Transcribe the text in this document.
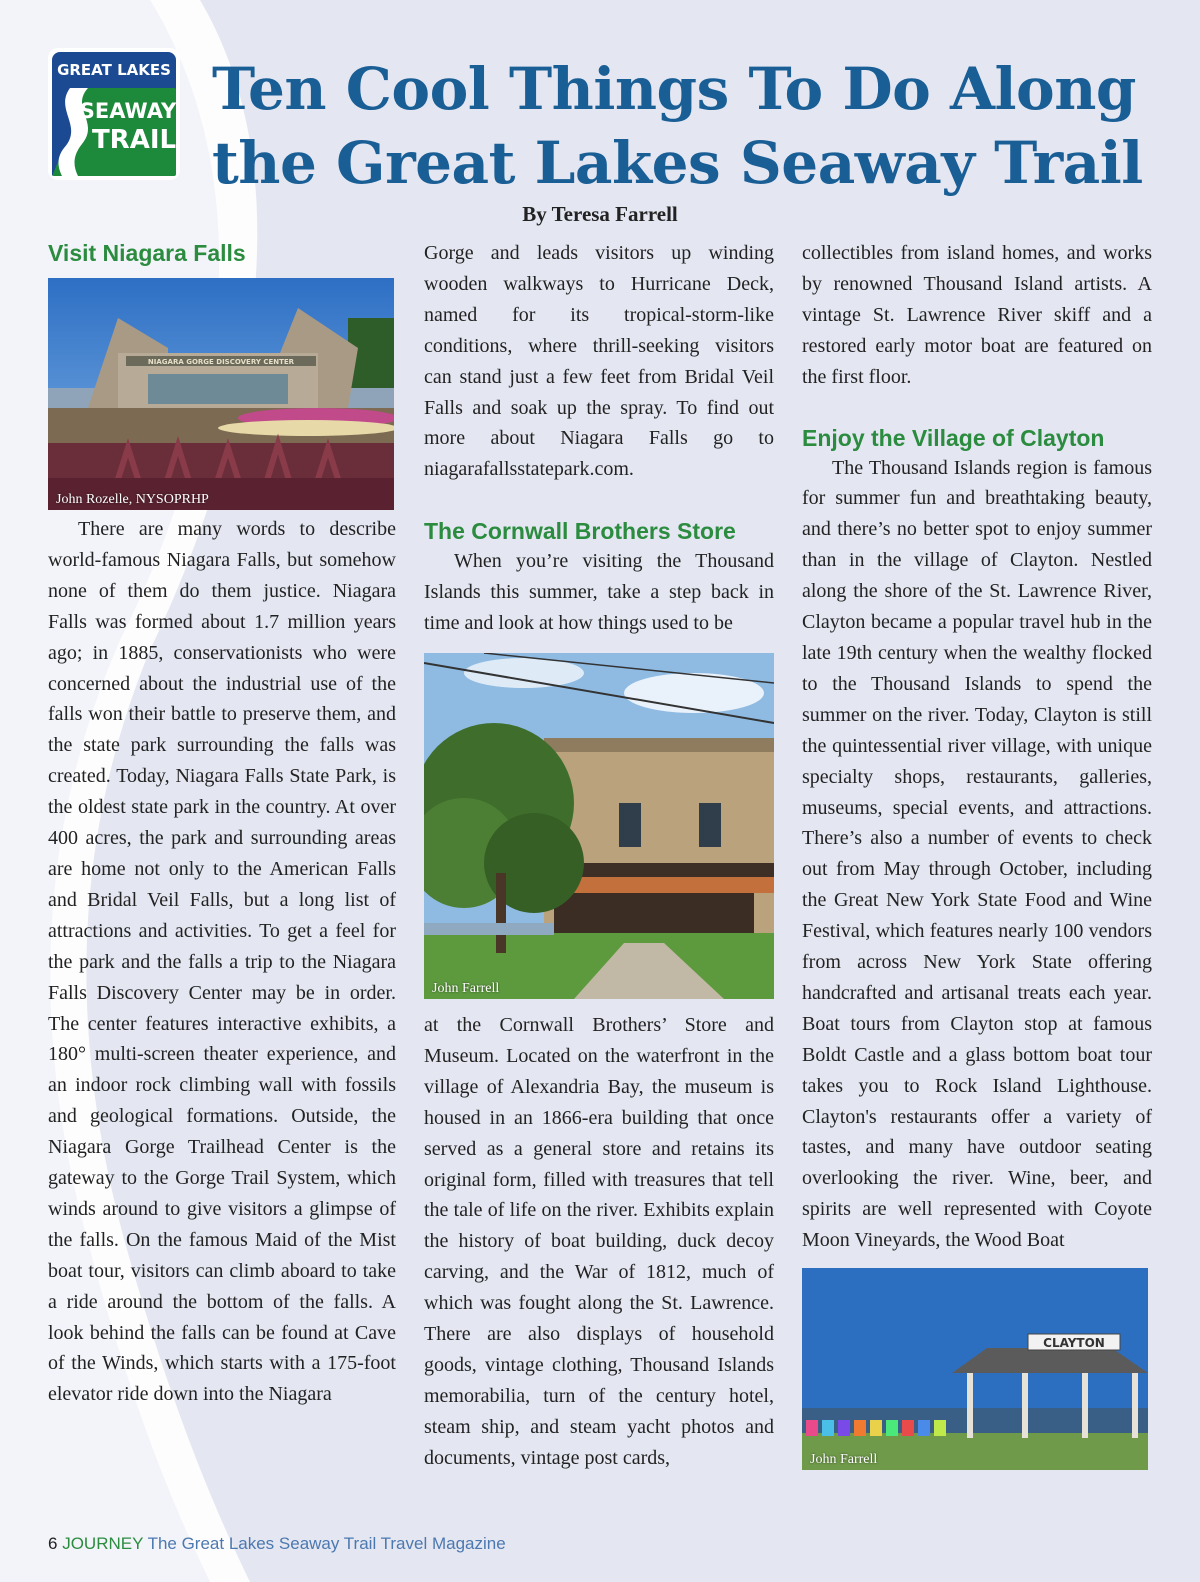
GREAT LAKES
SEAWAY
TRAIL
Ten Cool Things To Do Along
the Great Lakes Seaway Trail
By Teresa Farrell
Visit Niagara Falls
NIAGARA GORGE DISCOVERY CENTER
John Rozelle, NYSOPRHP

There are many words to describe world-famous Niagara Falls, but somehow none of them do them justice. Niagara Falls was formed about 1.7 million years ago; in 1885, conservationists who were concerned about the industrial use of the falls won their battle to preserve them, and the state park surrounding the falls was created. Today, Niagara Falls State Park, is the oldest state park in the country. At over 400 acres, the park and surrounding areas are home not only to the American Falls and Bridal Veil Falls, but a long list of attractions and activities. To get a feel for the park and the falls a trip to the Niagara Falls Discovery Center may be in order. The center features interactive exhibits, a 180° multi-screen theater experience, and an indoor rock climbing wall with fossils and geological formations. Outside, the Niagara Gorge Trailhead Center is the gateway to the Gorge Trail System, which winds around to give visitors a glimpse of the falls. On the famous Maid of the Mist boat tour, visitors can climb aboard to take a ride around the bottom of the falls. A look behind the falls can be found at Cave of the Winds, which starts with a 175-foot elevator ride down into the Niagara

Gorge and leads visitors up winding wooden walkways to Hurricane Deck, named for its tropical-storm-like conditions, where thrill-seeking visitors can stand just a few feet from Bridal Veil Falls and soak up the spray. To find out more about Niagara Falls go to niagarafallsstatepark.com.

The Cornwall Brothers Store

When you’re visiting the Thousand Islands this summer, take a step back in time and look at how things used to be

John Farrell

at the Cornwall Brothers’ Store and Museum. Located on the waterfront in the village of Alexandria Bay, the museum is housed in an 1866-era building that once served as a general store and retains its original form, filled with treasures that tell the tale of life on the river. Exhibits explain the history of boat building, duck decoy carving, and the War of 1812, much of which was fought along the St. Lawrence. There are also displays of household goods, vintage clothing, Thousand Islands memorabilia, turn of the century hotel, steam ship, and steam yacht photos and documents, vintage post cards,

collectibles from island homes, and works by renowned Thousand Island artists. A vintage St. Lawrence River skiff and a restored early motor boat are featured on the first floor.

Enjoy the Village of Clayton

The Thousand Islands region is famous for summer fun and breathtaking beauty, and there’s no better spot to enjoy summer than in the village of Clayton. Nestled along the shore of the St. Lawrence River, Clayton became a popular travel hub in the late 19th century when the wealthy flocked to the Thousand Islands to spend the summer on the river. Today, Clayton is still the quintessential river village, with unique specialty shops, restaurants, galleries, museums, special events, and attractions. There’s also a number of events to check out from May through October, including the Great New York State Food and Wine Festival, which features nearly 100 vendors from across New York State offering handcrafted and artisanal treats each year. Boat tours from Clayton stop at famous Boldt Castle and a glass bottom boat tour takes you to Rock Island Lighthouse. Clayton's restaurants offer a variety of tastes, and many have outdoor seating overlooking the river. Wine, beer, and spirits are well represented with Coyote Moon Vineyards, the Wood Boat

CLAYTON
John Farrell
6 JOURNEY The Great Lakes Seaway Trail Travel Magazine
